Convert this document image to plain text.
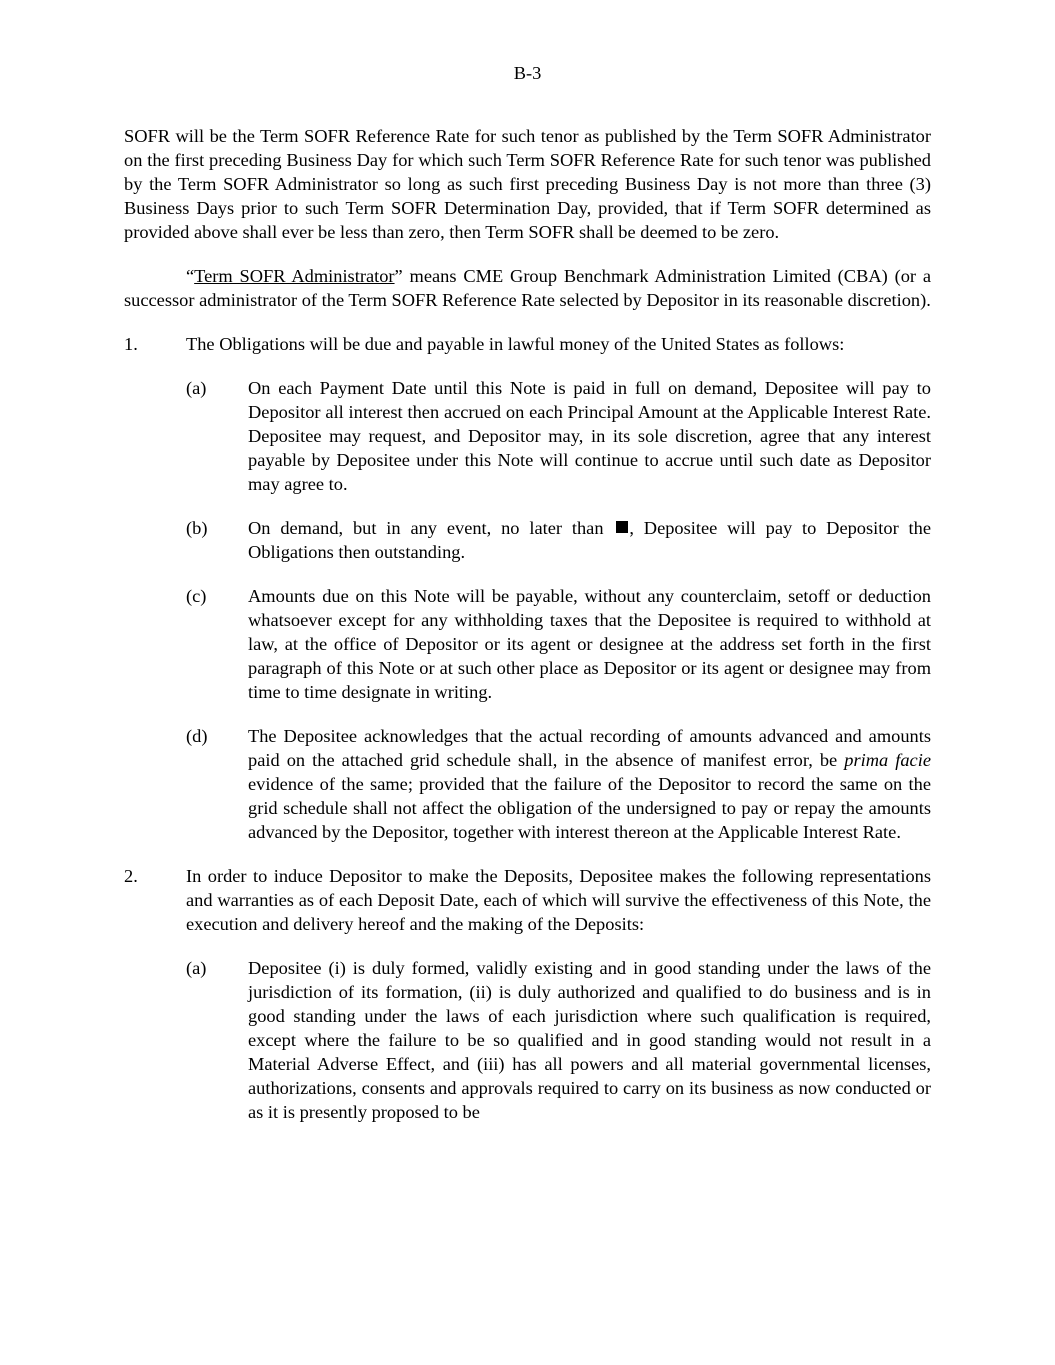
B-3

SOFR will be the Term SOFR Reference Rate for such tenor as published by the Term SOFR Administrator on the first preceding Business Day for which such Term SOFR Reference Rate for such tenor was published by the Term SOFR Administrator so long as such first preceding Business Day is not more than three (3) Business Days prior to such Term SOFR Determination Day, provided, that if Term SOFR determined as provided above shall ever be less than zero, then Term SOFR shall be deemed to be zero.

“Term SOFR Administrator” means CME Group Benchmark Administration Limited (CBA) (or a successor administrator of the Term SOFR Reference Rate selected by Depositor in its reasonable discretion).

1.	The Obligations will be due and payable in lawful money of the United States as follows:

(a) On each Payment Date until this Note is paid in full on demand, Depositee will pay to Depositor all interest then accrued on each Principal Amount at the Applicable Interest Rate. Depositee may request, and Depositor may, in its sole discretion, agree that any interest payable by Depositee under this Note will continue to accrue until such date as Depositor may agree to.

(b) On demand, but in any event, no later than , Depositee will pay to Depositor the Obligations then outstanding.

(c) Amounts due on this Note will be payable, without any counterclaim, setoff or deduction whatsoever except for any withholding taxes that the Depositee is required to withhold at law, at the office of Depositor or its agent or designee at the address set forth in the first paragraph of this Note or at such other place as Depositor or its agent or designee may from time to time designate in writing.

(d) The Depositee acknowledges that the actual recording of amounts advanced and amounts paid on the attached grid schedule shall, in the absence of manifest error, be prima facie evidence of the same; provided that the failure of the Depositor to record the same on the grid schedule shall not affect the obligation of the undersigned to pay or repay the amounts advanced by the Depositor, together with interest thereon at the Applicable Interest Rate.

2.	In order to induce Depositor to make the Deposits, Depositee makes the following representations and warranties as of each Deposit Date, each of which will survive the effectiveness of this Note, the execution and delivery hereof and the making of the Deposits:

(a) Depositee (i) is duly formed, validly existing and in good standing under the laws of the jurisdiction of its formation, (ii) is duly authorized and qualified to do business and is in good standing under the laws of each jurisdiction where such qualification is required, except where the failure to be so qualified and in good standing would not result in a Material Adverse Effect, and (iii) has all powers and all material governmental licenses, authorizations, consents and approvals required to carry on its business as now conducted or as it is presently proposed to be
